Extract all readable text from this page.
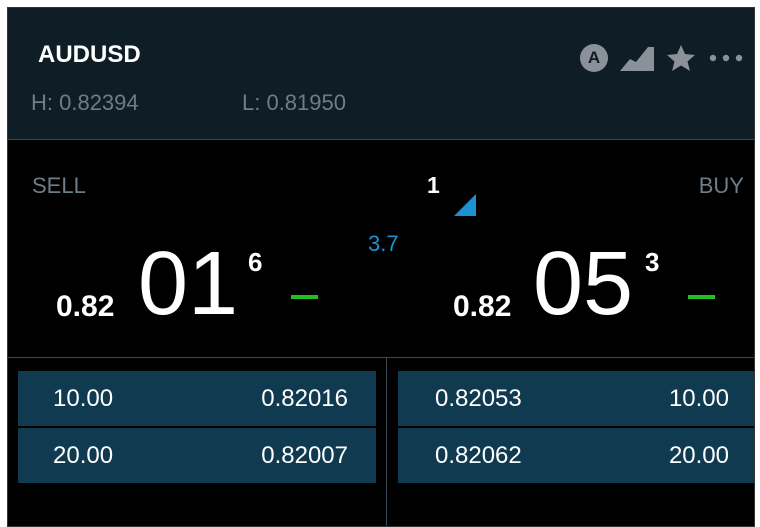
AUDUSD
H: 0.82394	L: 0.81950
A
SELL	BUY
1
3.7
0.82 01 6
0.82 05 3
10.00	0.82016
20.00	0.82007
0.82053	10.00
0.82062	20.00
